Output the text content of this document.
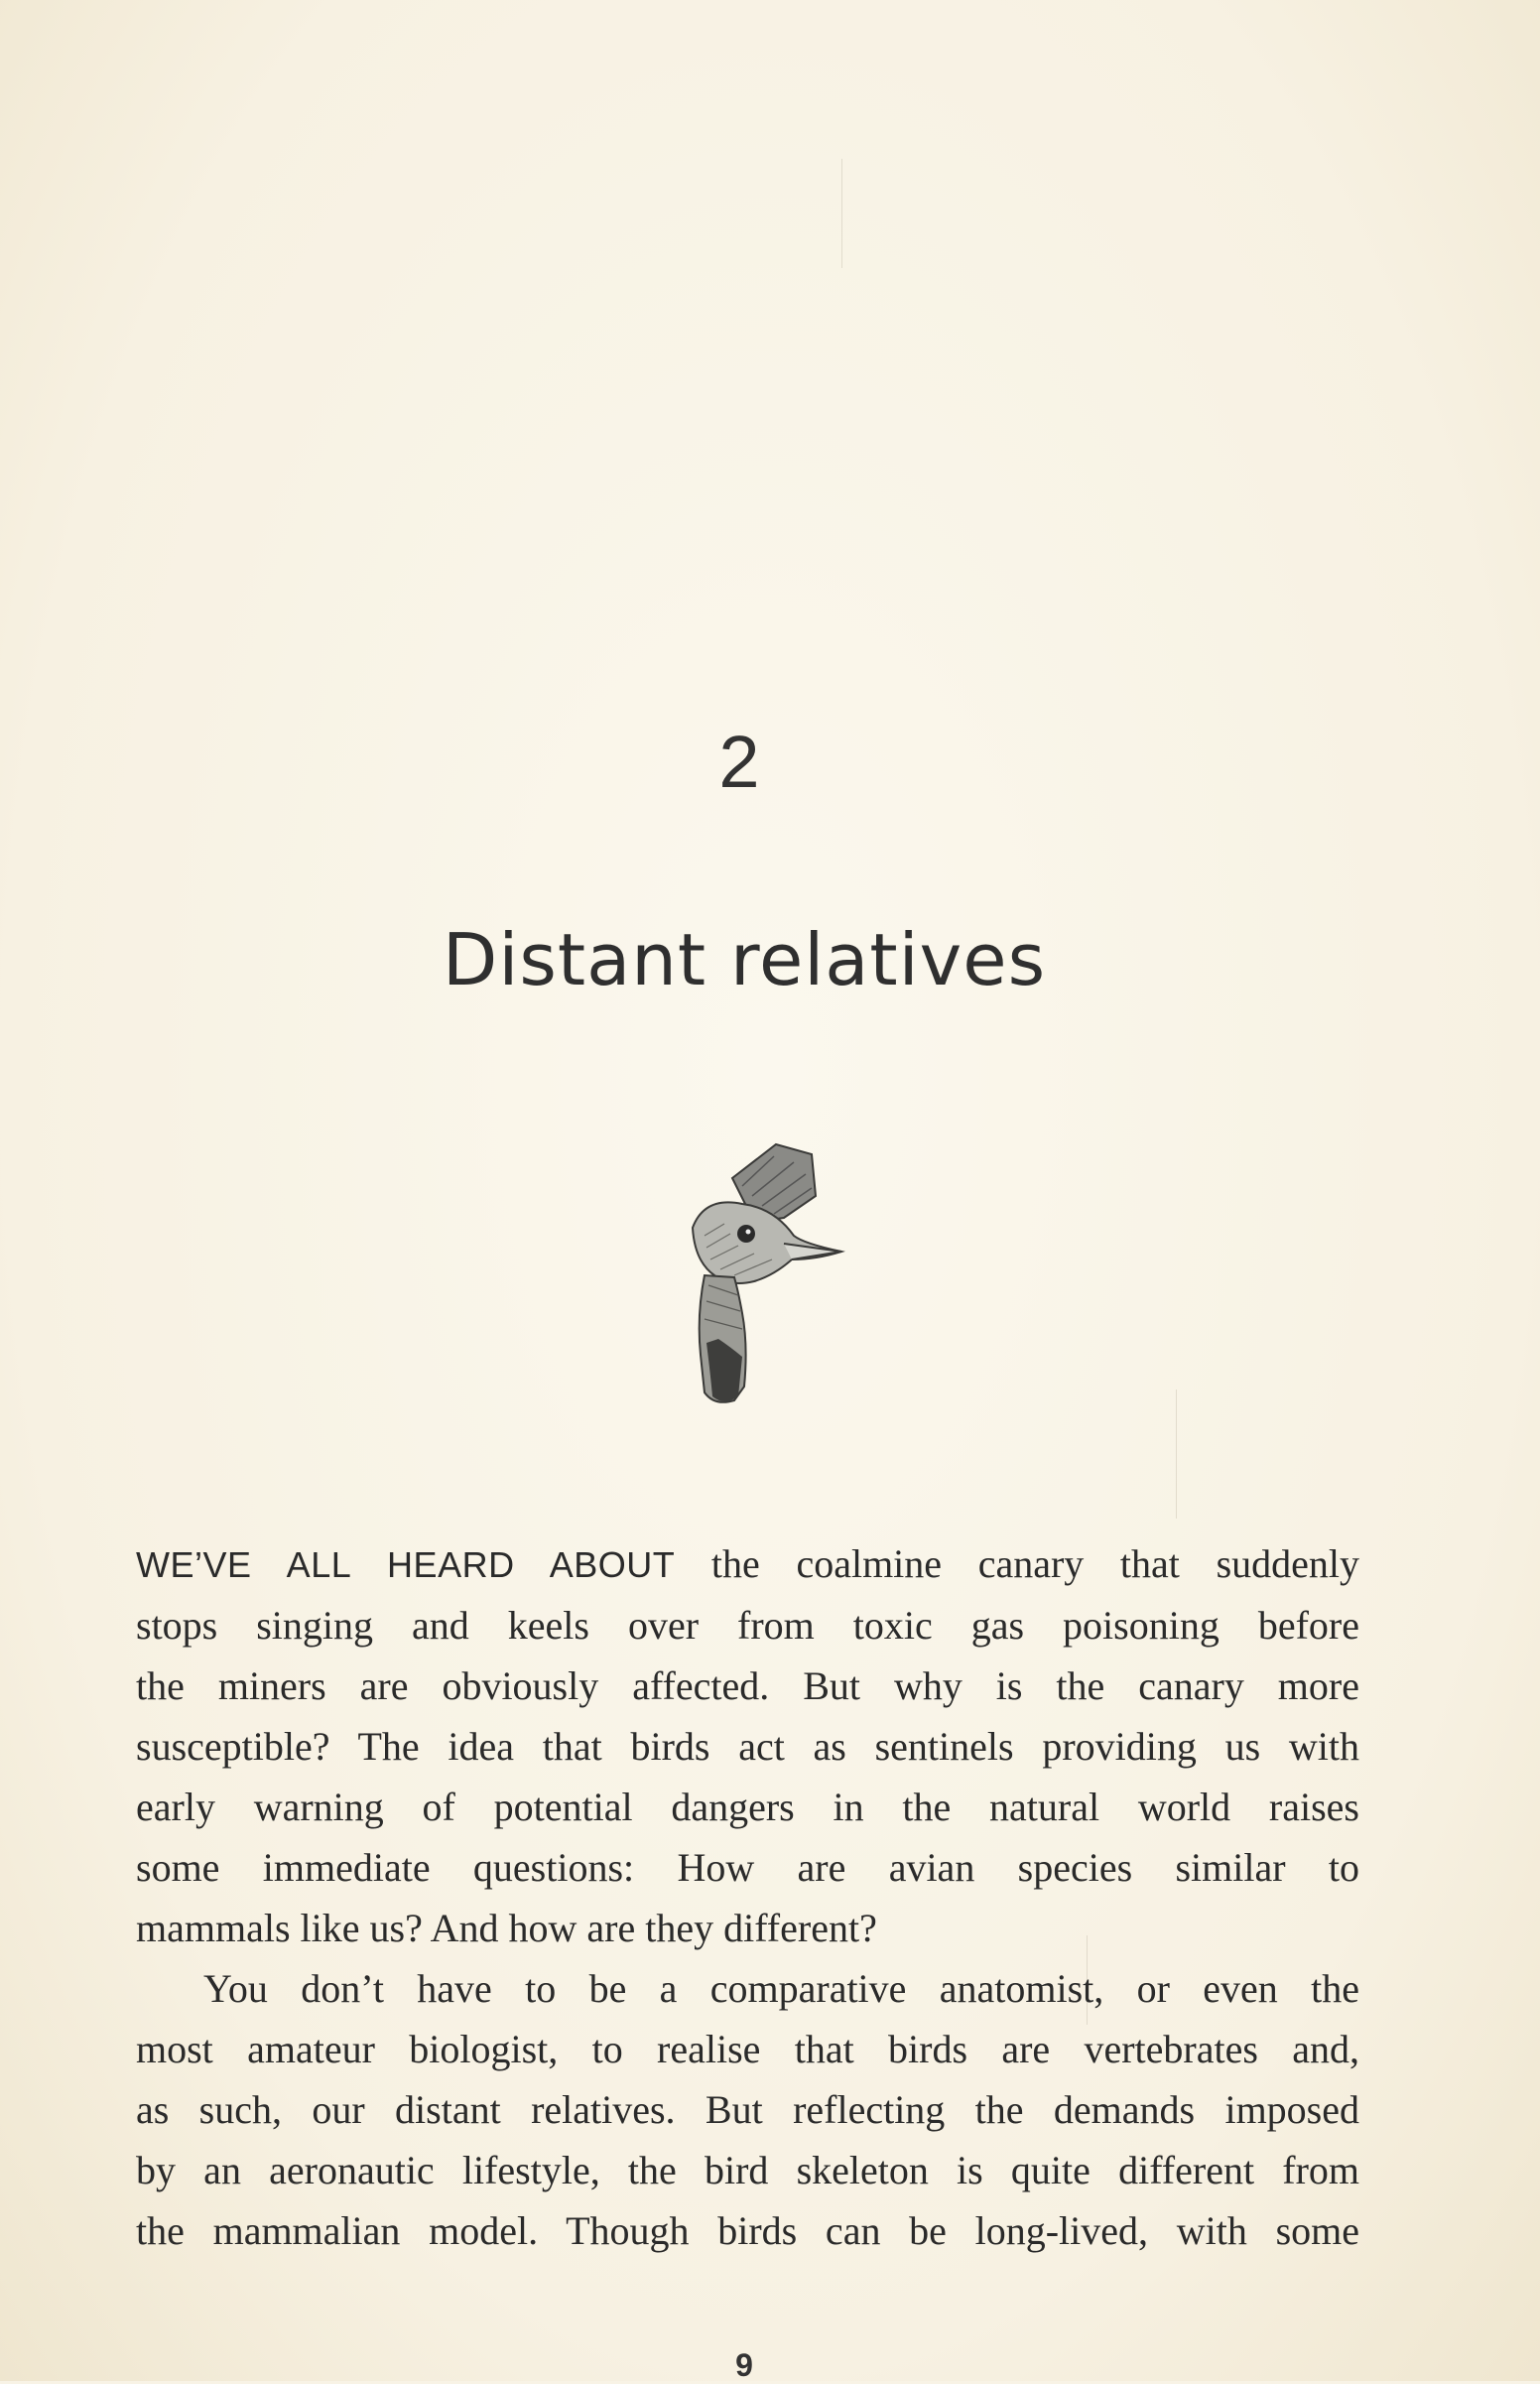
2
Distant relatives

WE’VE ALL HEARD ABOUT the coalmine canary that suddenly
stops singing and keels over from toxic gas poisoning before
the miners are obviously affected. But why is the canary more
susceptible? The idea that birds act as sentinels providing us with
early warning of potential dangers in the natural world raises
some immediate questions: How are avian species similar to
mammals like us? And how are they different?

You don’t have to be a comparative anatomist, or even the
most amateur biologist, to realise that birds are vertebrates and,
as such, our distant relatives. But reflecting the demands imposed
by an aeronautic lifestyle, the bird skeleton is quite different from
the mammalian model. Though birds can be long-lived, with some

9
